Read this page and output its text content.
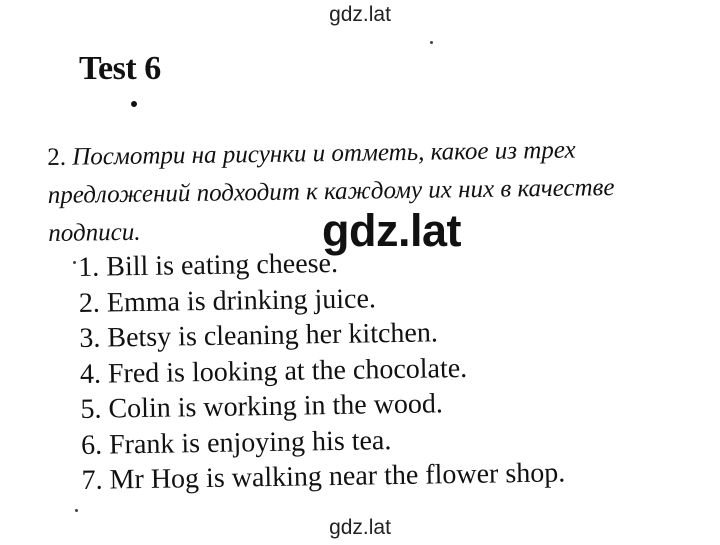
gdz.lat
Test 6
2. Посмотри на рисунки и отметь, какое из трех предложений подходит к каждому их них в качестве подписи.
1. Bill is eating cheese.
2. Emma is drinking juice.
3. Betsy is cleaning her kitchen.
4. Fred is looking at the chocolate.
5. Colin is working in the wood.
6. Frank is enjoying his tea.
7. Mr Hog is walking near the flower shop.
gdz.lat
gdz.lat
